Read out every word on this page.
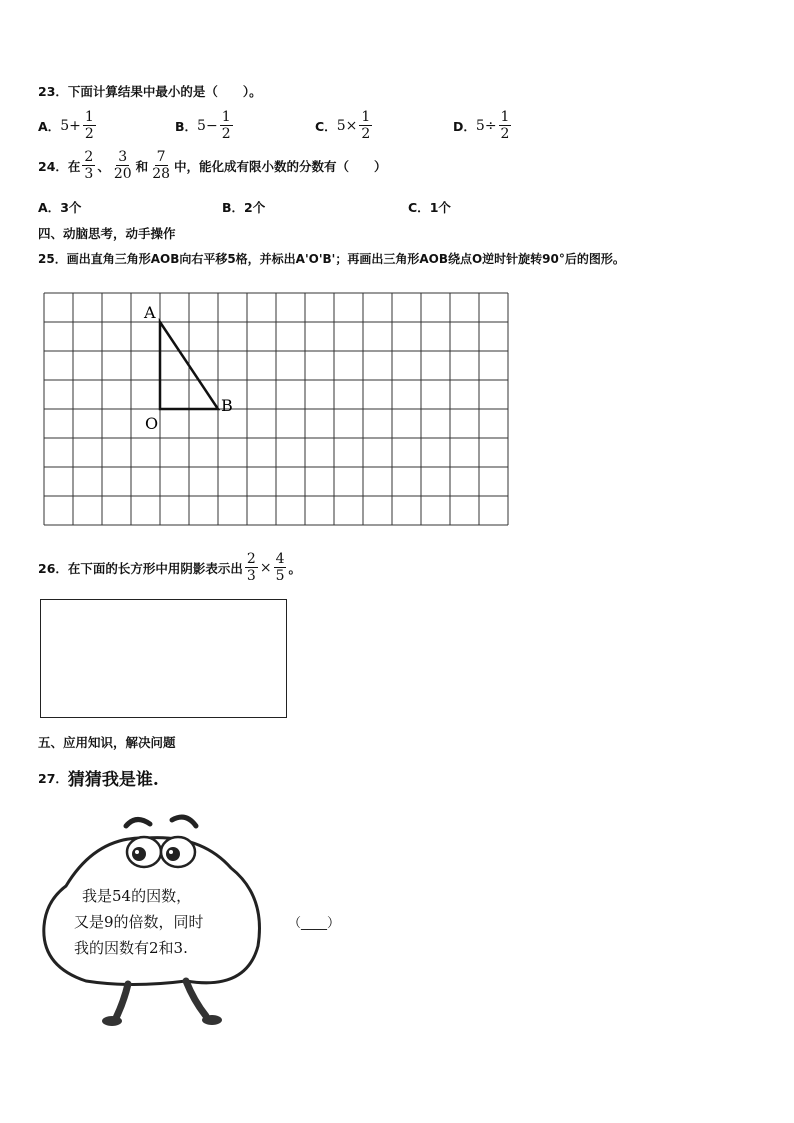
23．下面计算结果中最小的是（　　）。
A． $5 + \frac{1}{2}$	B． $5 - \frac{1}{2}$	C． $5 \times \frac{1}{2}$	D． $5 \div \frac{1}{2}$
24．在 $\frac{2}{3}$ 、 $\frac{3}{20}$ 和 $\frac{7}{28}$ 中，能化成有限小数的分数有（　　）
A． 3个	B． 2个	C． 1个
四、动脑思考，动手操作
25．画出直角三角形AOB向右平移5格，并标出A'O'B'；再画出三角形AOB绕点O逆时针旋转90°后的图形。
A
O
B
26．在下面的长方形中用阴影表示出 $\frac{2}{3} \times \frac{4}{5}$ 。
五、应用知识，解决问题
27． 猜猜我是谁.
我是54的因数，
又是9的倍数，同时
我的因数有2和3.
（____）
